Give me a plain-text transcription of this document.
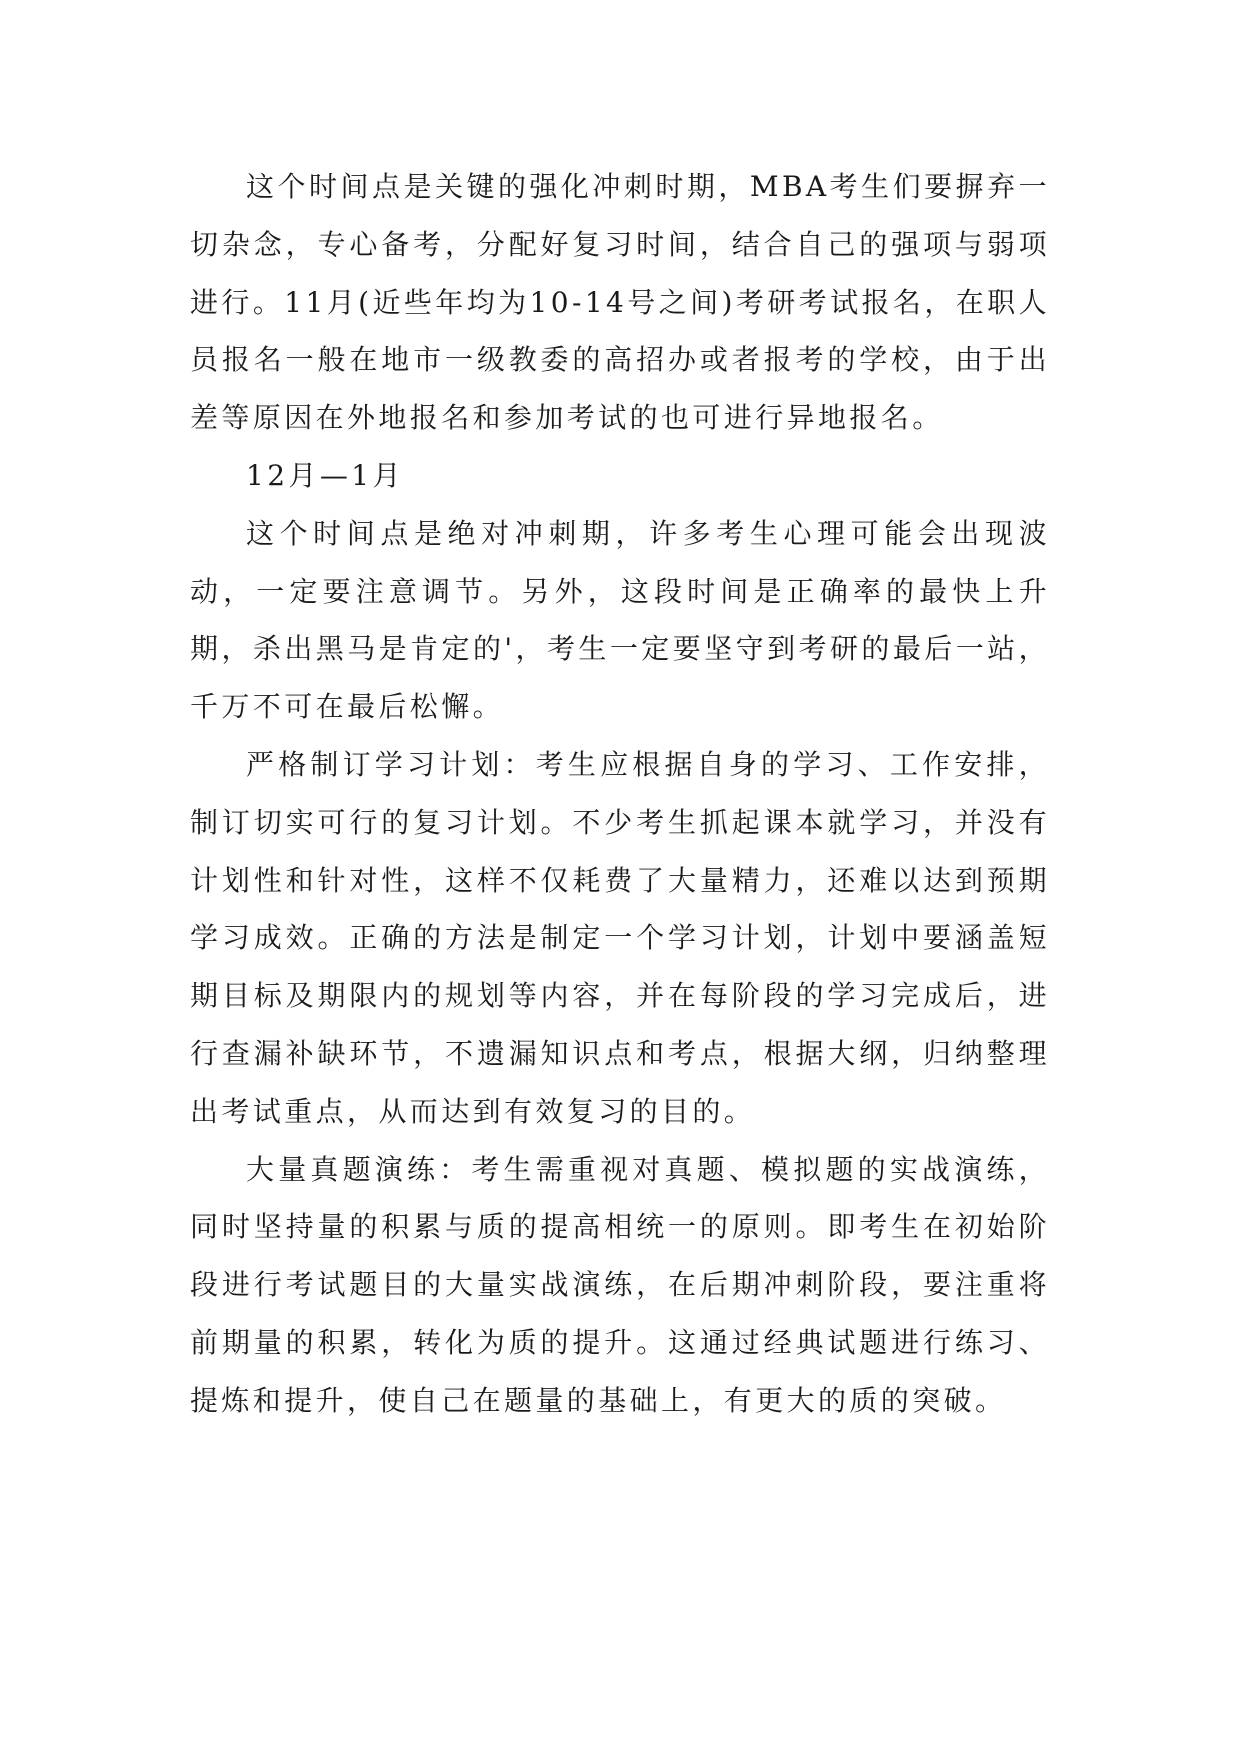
这个时间点是关键的强化冲刺时期，MBA考生们要摒弃一切杂念，专心备考，分配好复习时间，结合自己的强项与弱项进行。11月(近些年均为10-14号之间)考研考试报名，在职人员报名一般在地市一级教委的高招办或者报考的学校，由于出差等原因在外地报名和参加考试的也可进行异地报名。

12月—1月

这个时间点是绝对冲刺期，许多考生心理可能会出现波动，一定要注意调节。另外，这段时间是正确率的最快上升期，杀出黑马是肯定的'，考生一定要坚守到考研的最后一站，千万不可在最后松懈。

严格制订学习计划：考生应根据自身的学习、工作安排，制订切实可行的复习计划。不少考生抓起课本就学习，并没有计划性和针对性，这样不仅耗费了大量精力，还难以达到预期学习成效。正确的方法是制定一个学习计划，计划中要涵盖短期目标及期限内的规划等内容，并在每阶段的学习完成后，进行查漏补缺环节，不遗漏知识点和考点，根据大纲，归纳整理出考试重点，从而达到有效复习的目的。

大量真题演练：考生需重视对真题、模拟题的实战演练，同时坚持量的积累与质的提高相统一的原则。即考生在初始阶段进行考试题目的大量实战演练，在后期冲刺阶段，要注重将前期量的积累，转化为质的提升。这通过经典试题进行练习、提炼和提升，使自己在题量的基础上，有更大的质的突破。
